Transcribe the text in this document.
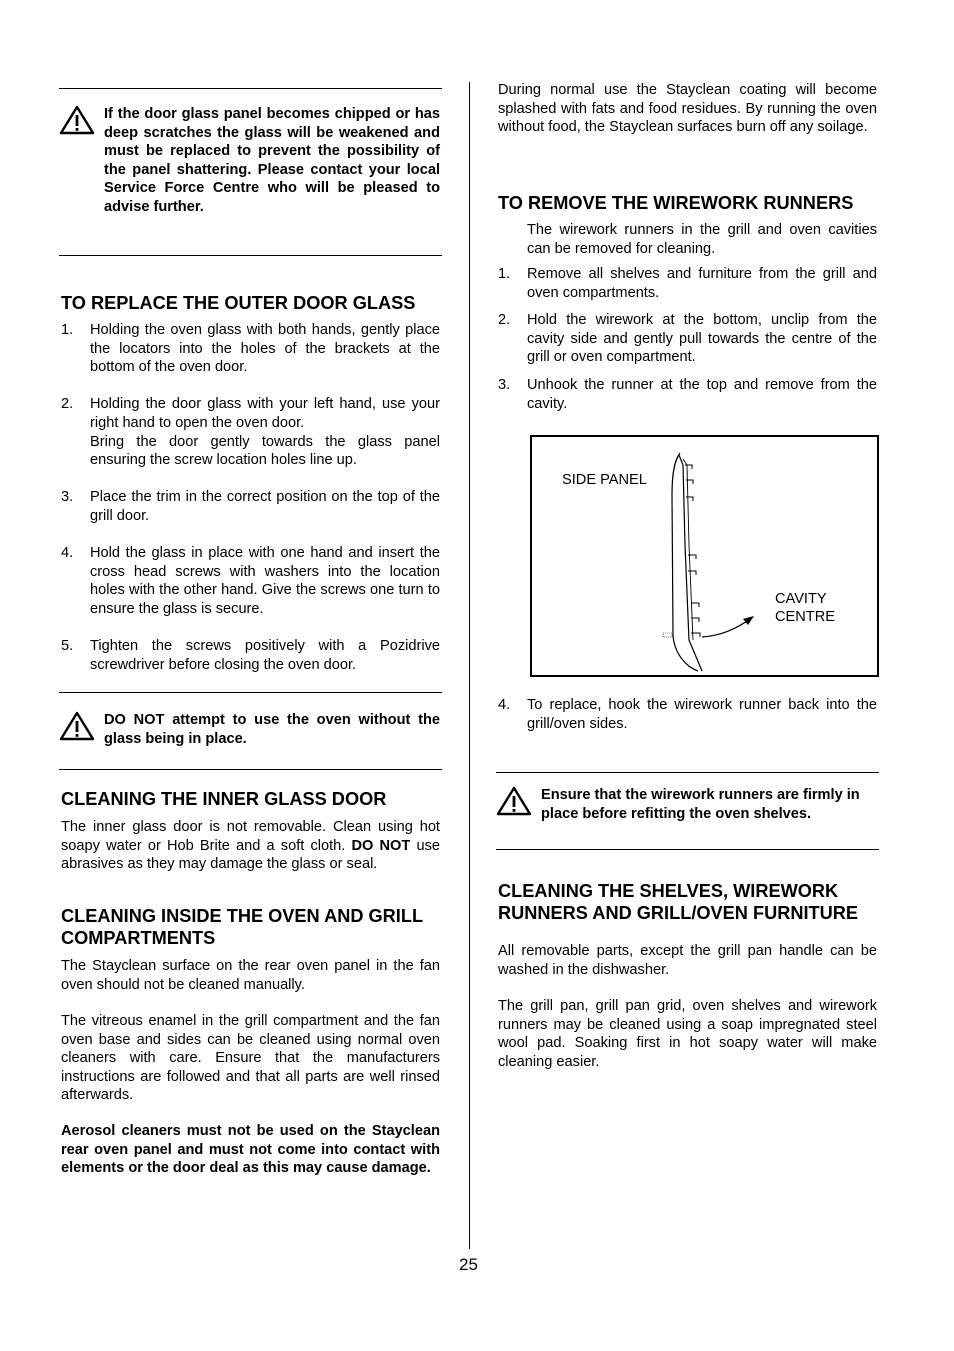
If the door glass panel becomes chipped or has deep scratches the glass will be weakened and must be replaced to prevent the possibility of the panel shattering. Please contact your local Service Force Centre who will be pleased to advise further.
TO REPLACE THE OUTER DOOR GLASS
1. Holding the oven glass with both hands, gently place the locators into the holes of the brackets at the bottom of the oven door.
2. Holding the door glass with your left hand, use your right hand to open the oven door.
Bring the door gently towards the glass panel ensuring the screw location holes line up.
3. Place the trim in the correct position on the top of the grill door.
4. Hold the glass in place with one hand and insert the cross head screws with washers into the location holes with the other hand. Give the screws one turn to ensure the glass is secure.
5. Tighten the screws positively with a Pozidrive screwdriver before closing the oven door.
DO NOT attempt to use the oven without the glass being in place.
CLEANING THE INNER GLASS DOOR

The inner glass door is not removable. Clean using hot soapy water or Hob Brite and a soft cloth. DO NOT use abrasives as they may damage the glass or seal.

CLEANING INSIDE THE OVEN AND GRILL COMPARTMENTS

The Stayclean surface on the rear oven panel in the fan oven should not be cleaned manually.

The vitreous enamel in the grill compartment and the fan oven base and sides can be cleaned using normal oven cleaners with care. Ensure that the manufacturers instructions are followed and that all parts are well rinsed afterwards.

Aerosol cleaners must not be used on the Stayclean rear oven panel and must not come into contact with elements or the door deal as this may cause damage.

During normal use the Stayclean coating will become splashed with fats and food residues. By running the oven without food, the Stayclean surfaces burn off any soilage.

TO REMOVE THE WIREWORK RUNNERS

The wirework runners in the grill and oven cavities can be removed for cleaning.

1. Remove all shelves and furniture from the grill and oven compartments.
2. Hold the wirework at the bottom, unclip from the cavity side and gently pull towards the centre of the grill or oven compartment.
3. Unhook the runner at the top and remove from the cavity.
SIDE PANEL
CAVITY
CENTRE
4. To replace, hook the wirework runner back into the grill/oven sides.
Ensure that the wirework runners are firmly in place before refitting the oven shelves.
CLEANING THE SHELVES, WIREWORK RUNNERS AND GRILL/OVEN FURNITURE

All removable parts, except the grill pan handle can be washed in the dishwasher.

The grill pan, grill pan grid, oven shelves and wirework runners may be cleaned using a soap impregnated steel wool pad. Soaking first in hot soapy water will make cleaning easier.

25
